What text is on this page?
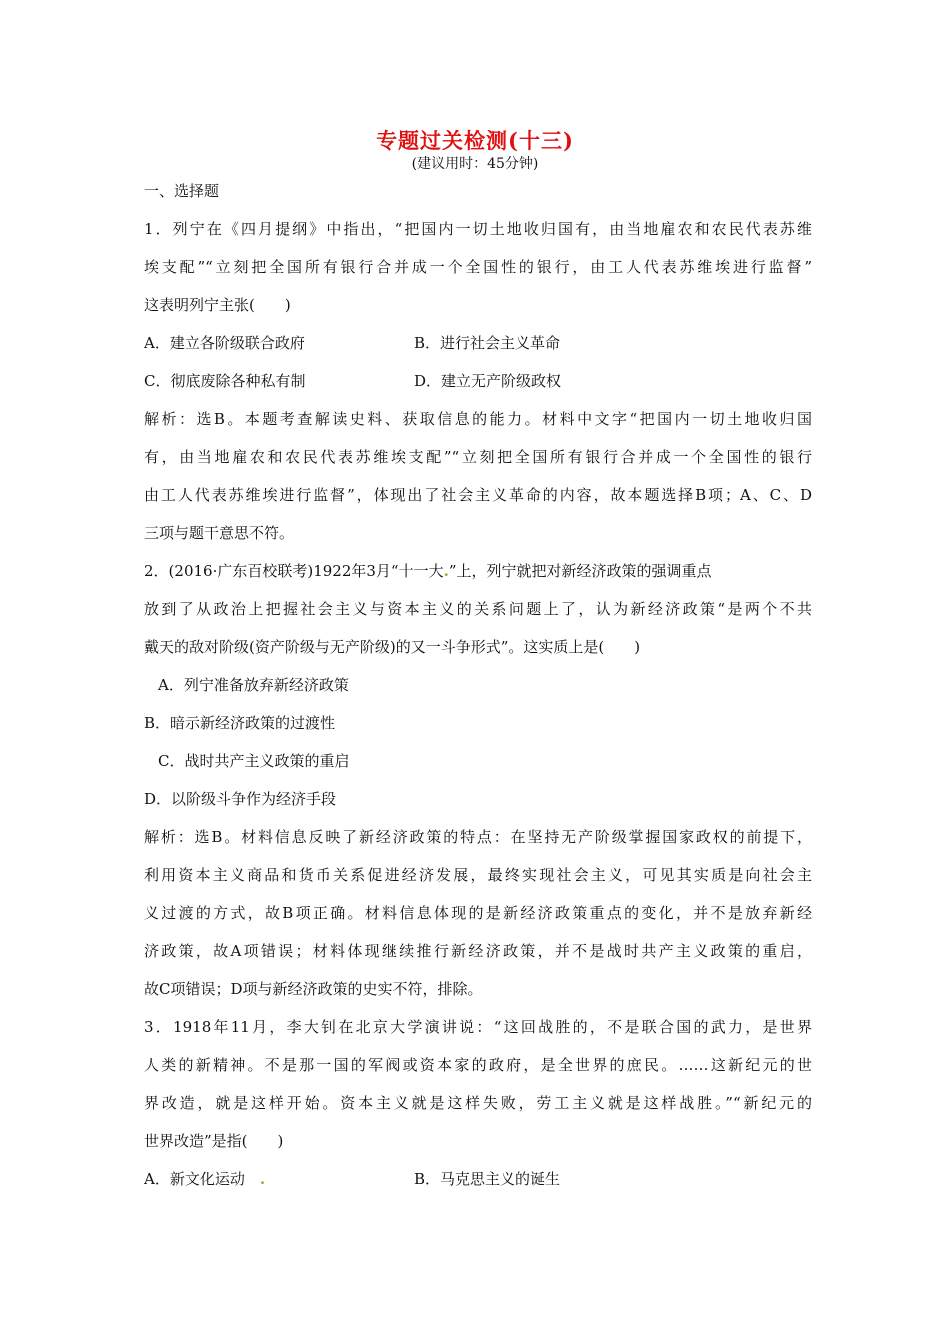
专题过关检测(十三)
(建议用时：45分钟)
一、选择题
1．列宁在《四月提纲》中指出，“把国内一切土地收归国有，由当地雇农和农民代表苏维
埃支配”“立刻把全国所有银行合并成一个全国性的银行，由工人代表苏维埃进行监督”
这表明列宁主张(　　)
A．建立各阶级联合政府	B．进行社会主义革命
C．彻底废除各种私有制	D．建立无产阶级政权
解析：选B。本题考查解读史料、获取信息的能力。材料中文字“把国内一切土地收归国
有，由当地雇农和农民代表苏维埃支配”“立刻把全国所有银行合并成一个全国性的银行
由工人代表苏维埃进行监督”，体现出了社会主义革命的内容，故本题选择B项；A、C、D
三项与题干意思不符。
2．(2016·广东百校联考)1922年3月“十一大.”上，列宁就把对新经济政策的强调重点
放到了从政治上把握社会主义与资本主义的关系问题上了，认为新经济政策“是两个不共
戴天的敌对阶级(资产阶级与无产阶级)的又一斗争形式”。这实质上是(　　)
A．列宁准备放弃新经济政策
B．暗示新经济政策的过渡性
C．战时共产主义政策的重启
D．以阶级斗争作为经济手段
解析：选B。材料信息反映了新经济政策的特点：在坚持无产阶级掌握国家政权的前提下，
利用资本主义商品和货币关系促进经济发展，最终实现社会主义，可见其实质是向社会主
义过渡的方式，故B项正确。材料信息体现的是新经济政策重点的变化，并不是放弃新经
济政策，故A项错误；材料体现继续推行新经济政策，并不是战时共产主义政策的重启，
故C项错误；D项与新经济政策的史实不符，排除。
3．1918年11月，李大钊在北京大学演讲说：“这回战胜的，不是联合国的武力，是世界
人类的新精神。不是那一国的军阀或资本家的政府，是全世界的庶民。……这新纪元的世
界改造，就是这样开始。资本主义就是这样失败，劳工主义就是这样战胜。”“新纪元的
世界改造”是指(　　)
A．新文化运动　 .	B．马克思主义的诞生
